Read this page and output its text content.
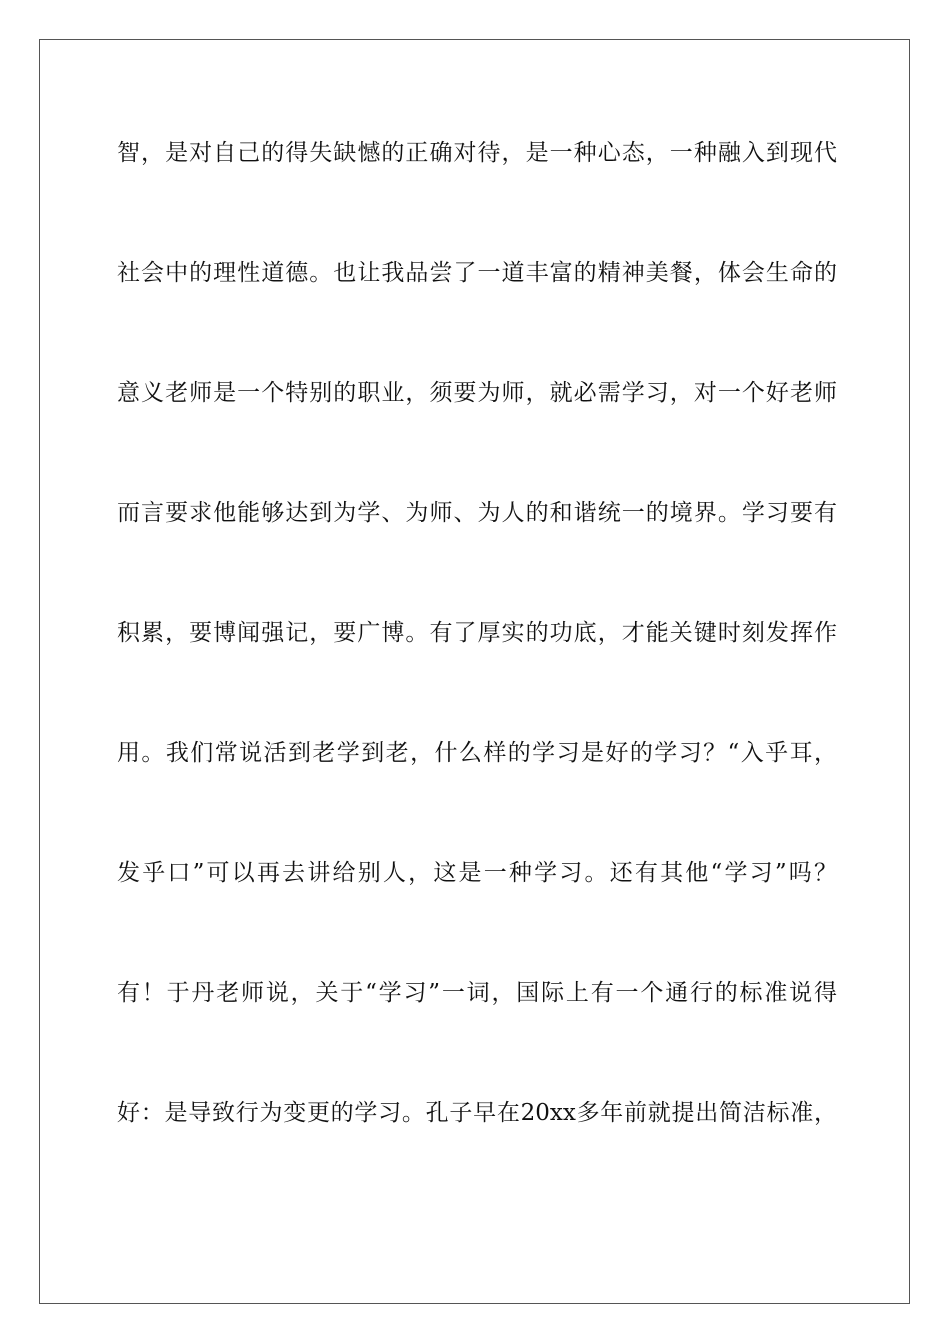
智，是对自己的得失缺憾的正确对待，是一种心态，一种融入到现代
社会中的理性道德。也让我品尝了一道丰富的精神美餐，体会生命的
意义老师是一个特别的职业，须要为师，就必需学习，对一个好老师
而言要求他能够达到为学、为师、为人的和谐统一的境界。学习要有
积累，要博闻强记，要广博。有了厚实的功底，才能关键时刻发挥作
用。我们常说活到老学到老，什么样的学习是好的学习？“入乎耳，
发乎口”可以再去讲给别人，这是一种学习。还有其他“学习”吗？
有！于丹老师说，关于“学习”一词，国际上有一个通行的标准说得
好：是导致行为变更的学习。孔子早在20xx多年前就提出简洁标准，
